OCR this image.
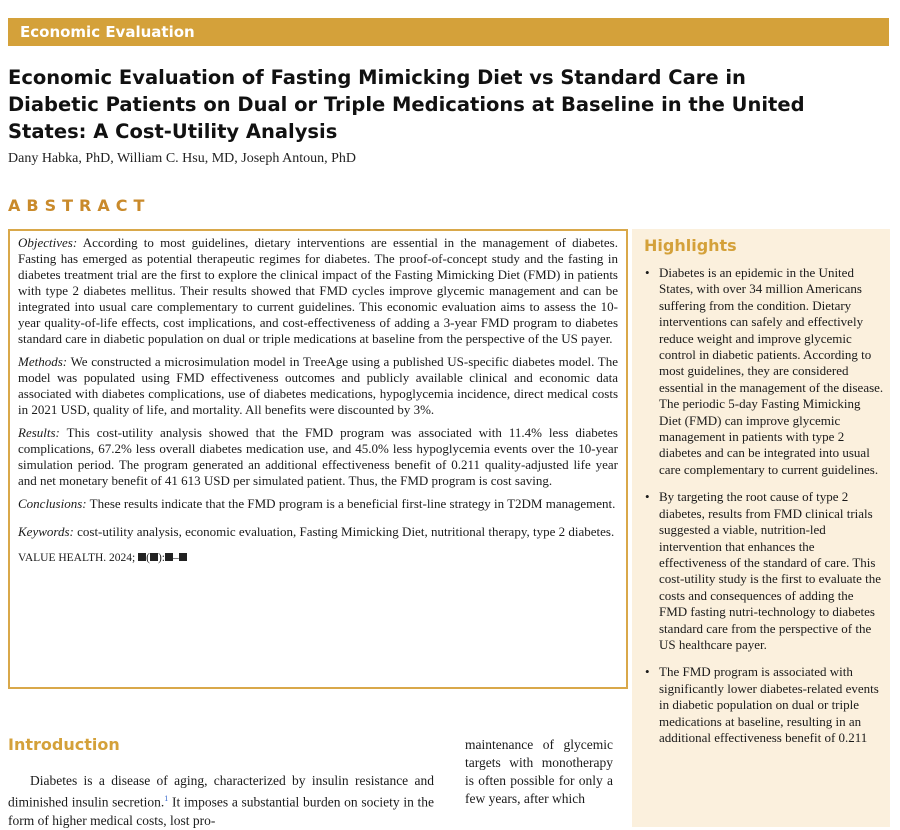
Economic Evaluation
Economic Evaluation of Fasting Mimicking Diet vs Standard Care in Diabetic Patients on Dual or Triple Medications at Baseline in the United States: A Cost-Utility Analysis
Dany Habka, PhD, William C. Hsu, MD, Joseph Antoun, PhD
ABSTRACT

Objectives: According to most guidelines, dietary interventions are essential in the management of diabetes. Fasting has emerged as potential therapeutic regimes for diabetes. The proof-of-concept study and the fasting in diabetes treatment trial are the first to explore the clinical impact of the Fasting Mimicking Diet (FMD) in patients with type 2 diabetes mellitus. Their results showed that FMD cycles improve glycemic management and can be integrated into usual care complementary to current guidelines. This economic evaluation aims to assess the 10-year quality-of-life effects, cost implications, and cost-effectiveness of adding a 3-year FMD program to diabetes standard care in diabetic population on dual or triple medications at baseline from the perspective of the US payer.

Methods: We constructed a microsimulation model in TreeAge using a published US-specific diabetes model. The model was populated using FMD effectiveness outcomes and publicly available clinical and economic data associated with diabetes complications, use of diabetes medications, hypoglycemia incidence, direct medical costs in 2021 USD, quality of life, and mortality. All benefits were discounted by 3%.

Results: This cost-utility analysis showed that the FMD program was associated with 11.4% less diabetes complications, 67.2% less overall diabetes medication use, and 45.0% less hypoglycemia events over the 10-year simulation period. The program generated an additional effectiveness benefit of 0.211 quality-adjusted life year and net monetary benefit of 41 613 USD per simulated patient. Thus, the FMD program is cost saving.

Conclusions: These results indicate that the FMD program is a beneficial first-line strategy in T2DM management.

Keywords: cost-utility analysis, economic evaluation, Fasting Mimicking Diet, nutritional therapy, type 2 diabetes.

VALUE HEALTH. 2024; ( ): –

Highlights
• Diabetes is an epidemic in the United States, with over 34 million Americans suffering from the condition. Dietary interventions can safely and effectively reduce weight and improve glycemic control in diabetic patients. According to most guidelines, they are considered essential in the management of the disease. The periodic 5-day Fasting Mimicking Diet (FMD) can improve glycemic management in patients with type 2 diabetes and can be integrated into usual care complementary to current guidelines.
• By targeting the root cause of type 2 diabetes, results from FMD clinical trials suggested a viable, nutrition-led intervention that enhances the effectiveness of the standard of care. This cost-utility study is the first to evaluate the costs and consequences of adding the FMD fasting nutri-technology to diabetes standard care from the perspective of the US healthcare payer.
• The FMD program is associated with significantly lower diabetes-related events in diabetic population on dual or triple medications at baseline, resulting in an additional effectiveness benefit of 0.211
Introduction

Diabetes is a disease of aging, characterized by insulin resistance and diminished insulin secretion.$^1$ It imposes a substantial burden on society in the form of higher medical costs, lost pro-

maintenance of glycemic targets with monotherapy is often possible for only a few years, after which
